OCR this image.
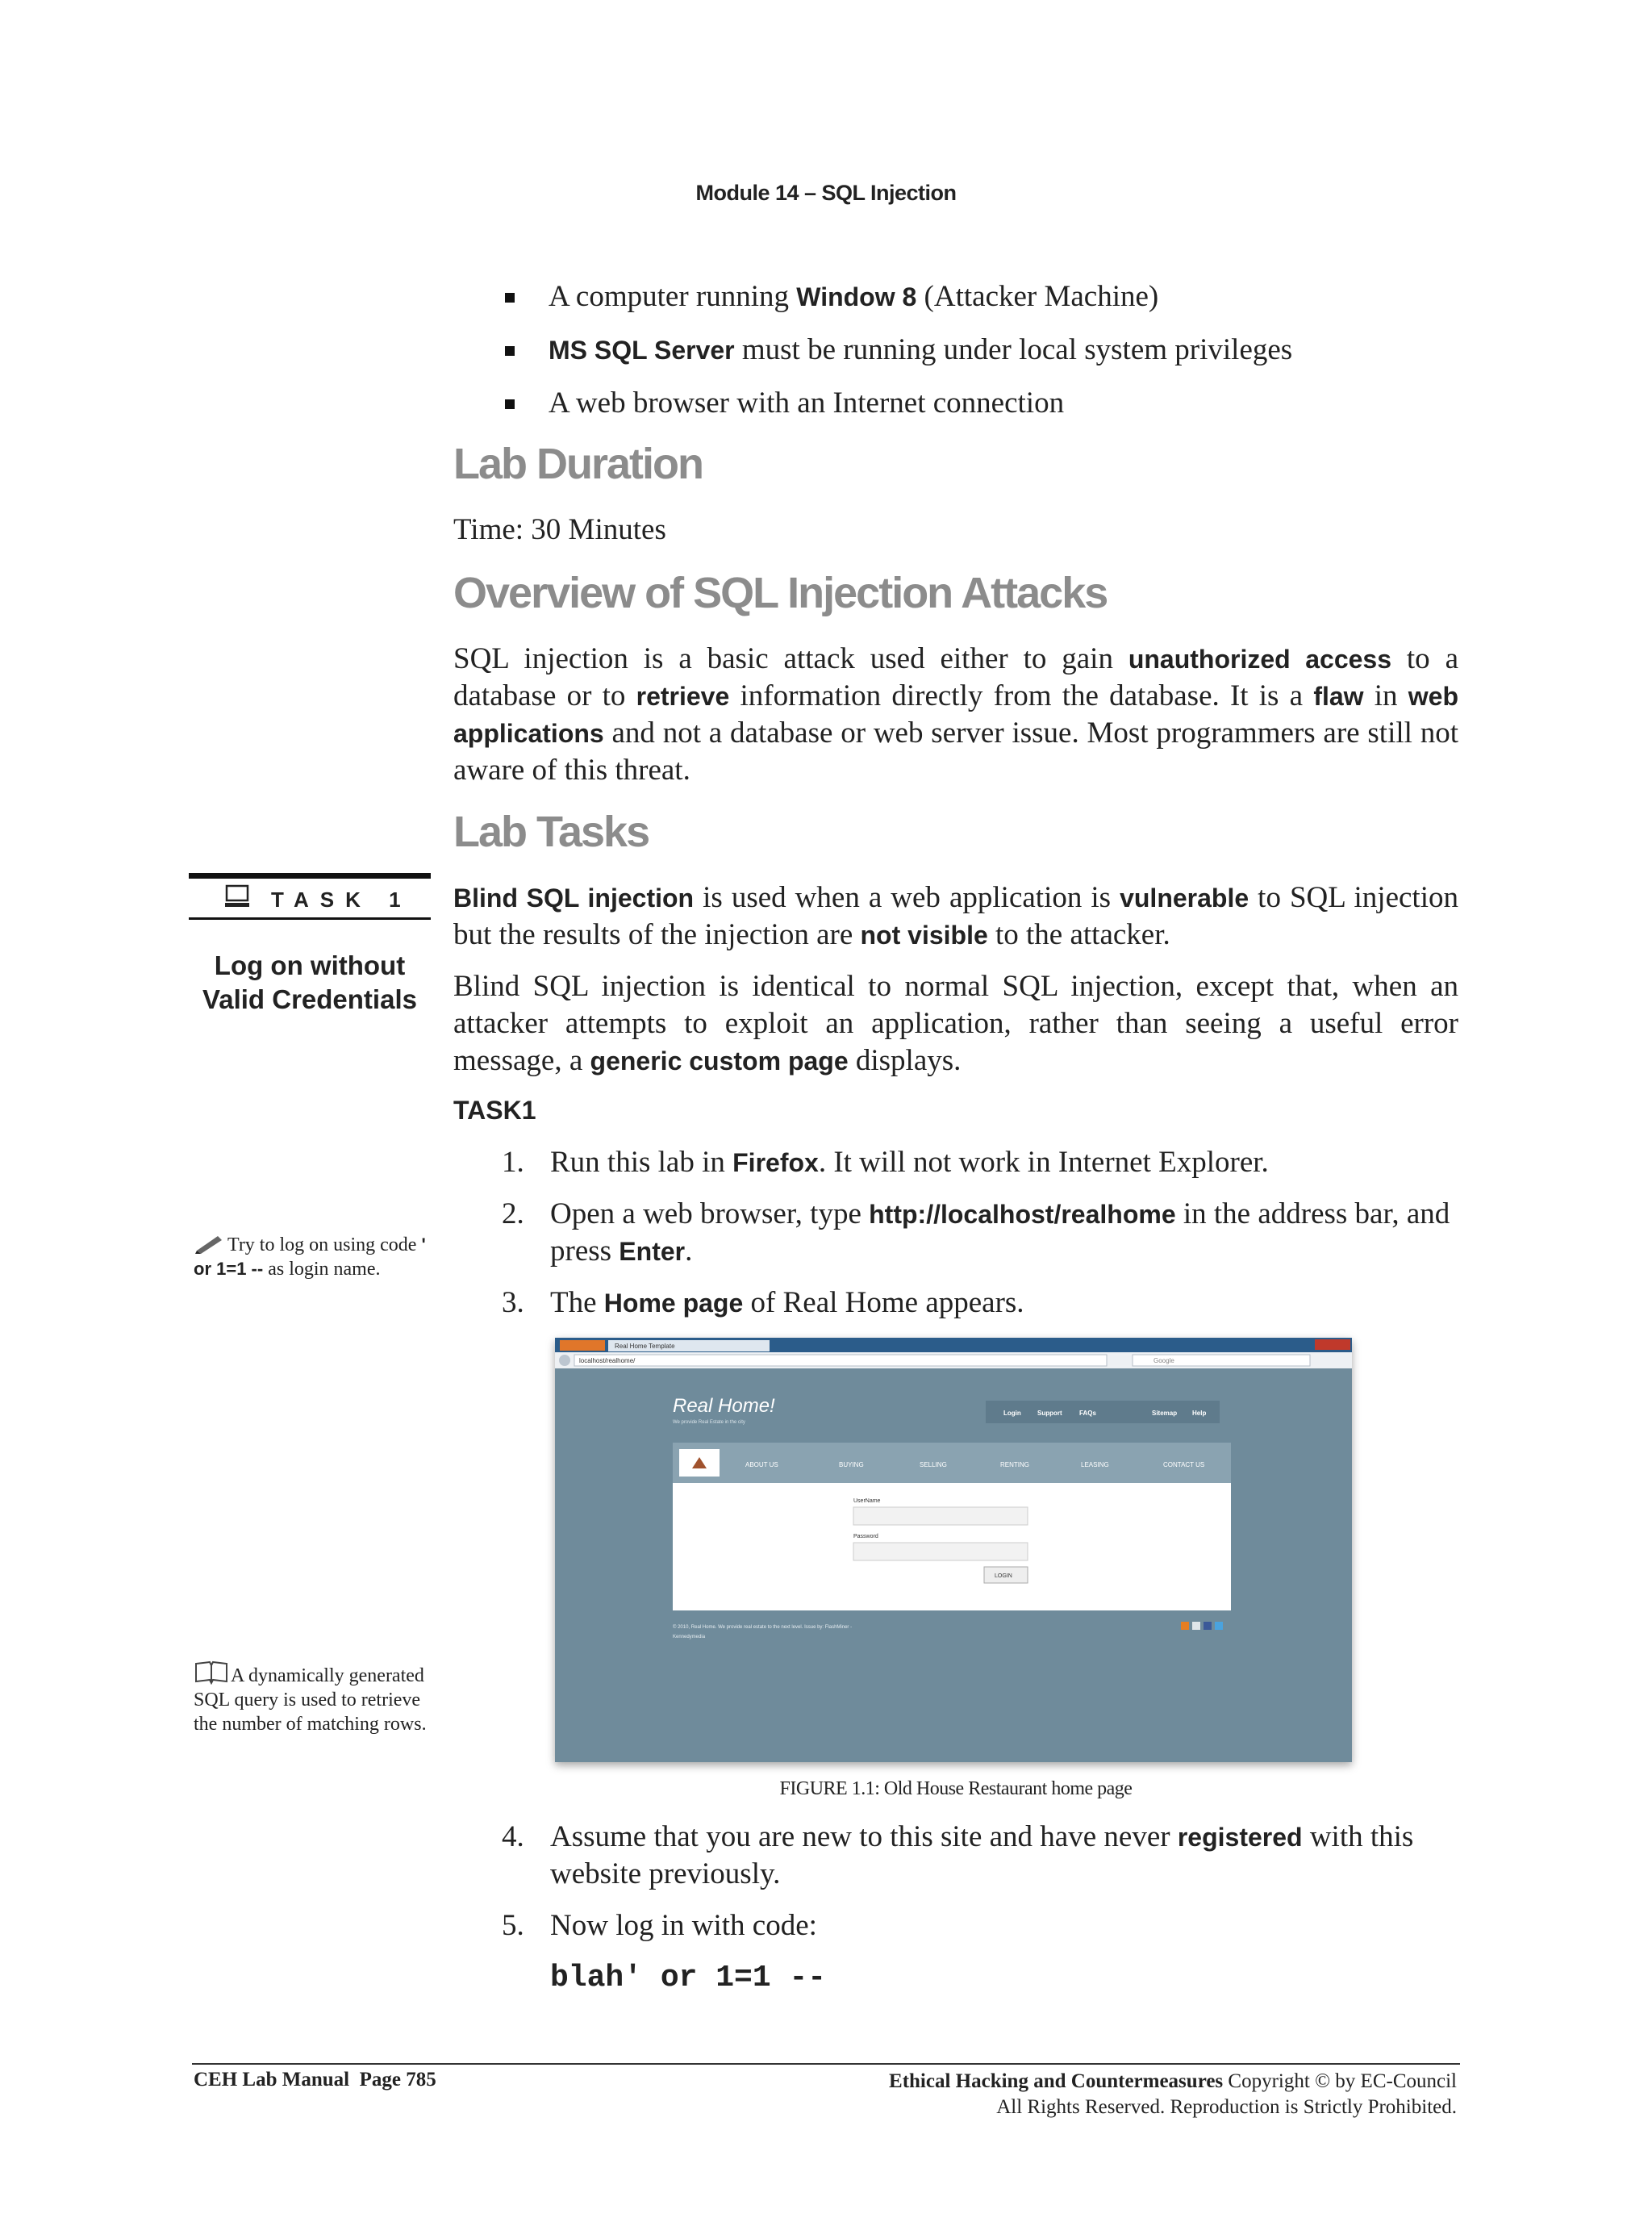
Module 14 – SQL Injection
A computer running Window 8 (Attacker Machine)
MS SQL Server must be running under local system privileges
A web browser with an Internet connection
Lab Duration

Time: 30 Minutes

Overview of SQL Injection Attacks

SQL injection is a basic attack used either to gain unauthorized access to a database or to retrieve information directly from the database. It is a flaw in web applications and not a database or web server issue. Most programmers are still not aware of this threat.

Lab Tasks

Blind SQL injection is used when a web application is vulnerable to SQL injection but the results of the injection are not visible to the attacker.

Blind SQL injection is identical to normal SQL injection, except that, when an attacker attempts to exploit an application, rather than seeing a useful error message, a generic custom page displays.

TASK1
1. Run this lab in Firefox. It will not work in Internet Explorer.
2. Open a web browser, type http://localhost/realhome in the address bar, and press Enter.
3. The Home page of Real Home appears.
Real Home Template
localhost/realhome/	Google
Real Home!
We provide Real Estate in the city
Login	Support	FAQs	Sitemap Help
ABOUT US	BUYING	SELLING	RENTING	LEASING	CONTACT US
UserName
Password
LOGIN
© 2010, Real Home. We provide real estate to the next level. Issue by: FlashMiner -
Kennedymedia
FIGURE 1.1: Old House Restaurant home page
4. Assume that you are new to this site and have never registered with this website previously.
5. Now log in with code:
blah' or 1=1 --
TASK 1
Log on without Valid Credentials
Try to log on using code ' or 1=1 -- as login name.
A dynamically generated SQL query is used to retrieve the number of matching rows.
CEH Lab Manual  Page 785	Ethical Hacking and Countermeasures Copyright © by EC-Council
All Rights Reserved. Reproduction is Strictly Prohibited.
